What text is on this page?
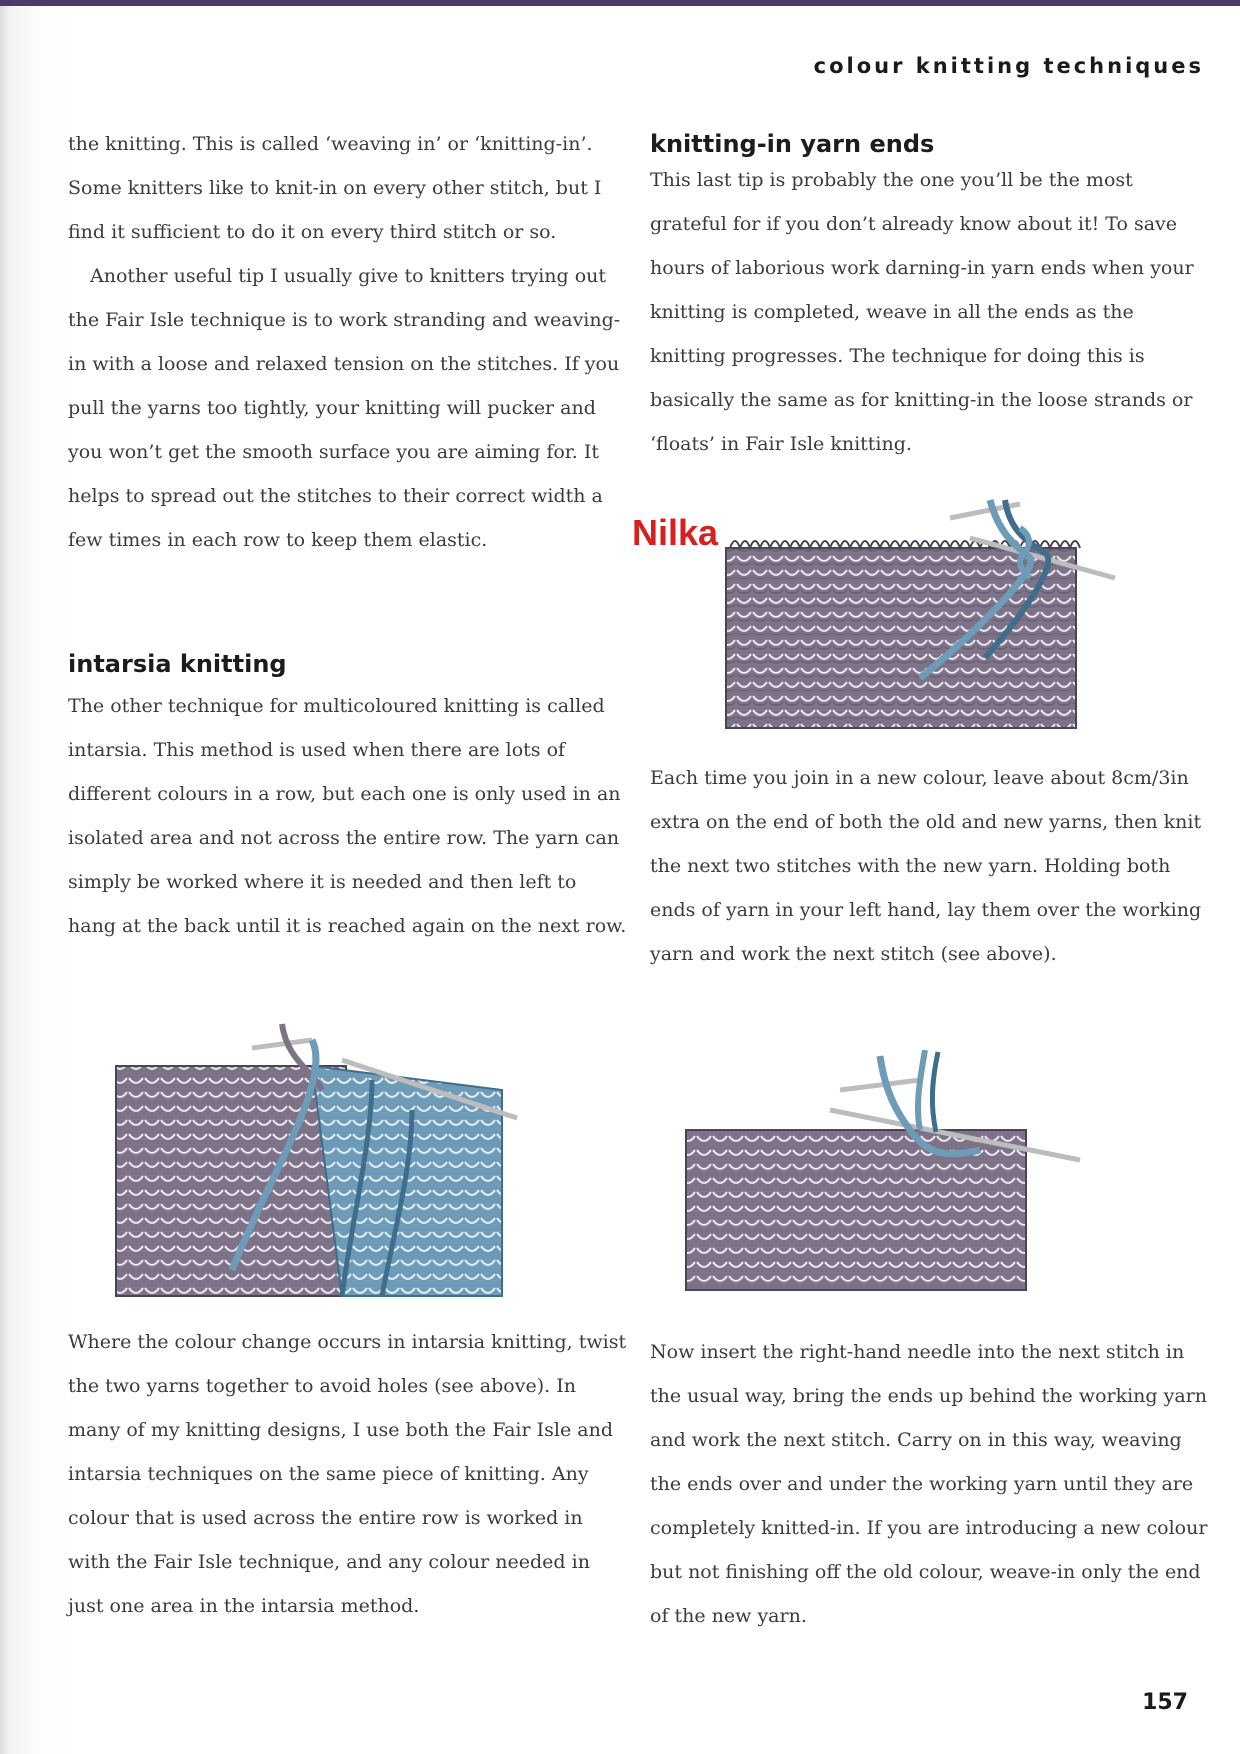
colour knitting techniques

the knitting. This is called ‘weaving in’ or ‘knitting-in’. Some knitters like to knit-in on every other stitch, but I find it sufficient to do it on every third stitch or so.

Another useful tip I usually give to knitters trying out the Fair Isle technique is to work stranding and weaving-in with a loose and relaxed tension on the stitches. If you pull the yarns too tightly, your knitting will pucker and you won’t get the smooth surface you are aiming for. It helps to spread out the stitches to their correct width a few times in each row to keep them elastic.

intarsia knitting

The other technique for multicoloured knitting is called intarsia. This method is used when there are lots of different colours in a row, but each one is only used in an isolated area and not across the entire row. The yarn can simply be worked where it is needed and then left to hang at the back until it is reached again on the next row.

knitting-in yarn ends

This last tip is probably the one you’ll be the most grateful for if you don’t already know about it! To save hours of laborious work darning-in yarn ends when your knitting is completed, weave in all the ends as the knitting progresses. The technique for doing this is basically the same as for knitting-in the loose strands or ‘floats’ in Fair Isle knitting.

Nilka

Each time you join in a new colour, leave about 8cm/3in extra on the end of both the old and new yarns, then knit the next two stitches with the new yarn. Holding both ends of yarn in your left hand, lay them over the working yarn and work the next stitch (see above).

Where the colour change occurs in intarsia knitting, twist the two yarns together to avoid holes (see above). In many of my knitting designs, I use both the Fair Isle and intarsia techniques on the same piece of knitting. Any colour that is used across the entire row is worked in with the Fair Isle technique, and any colour needed in just one area in the intarsia method.

Now insert the right-hand needle into the next stitch in the usual way, bring the ends up behind the working yarn and work the next stitch. Carry on in this way, weaving the ends over and under the working yarn until they are completely knitted-in. If you are introducing a new colour but not finishing off the old colour, weave-in only the end of the new yarn.

157
